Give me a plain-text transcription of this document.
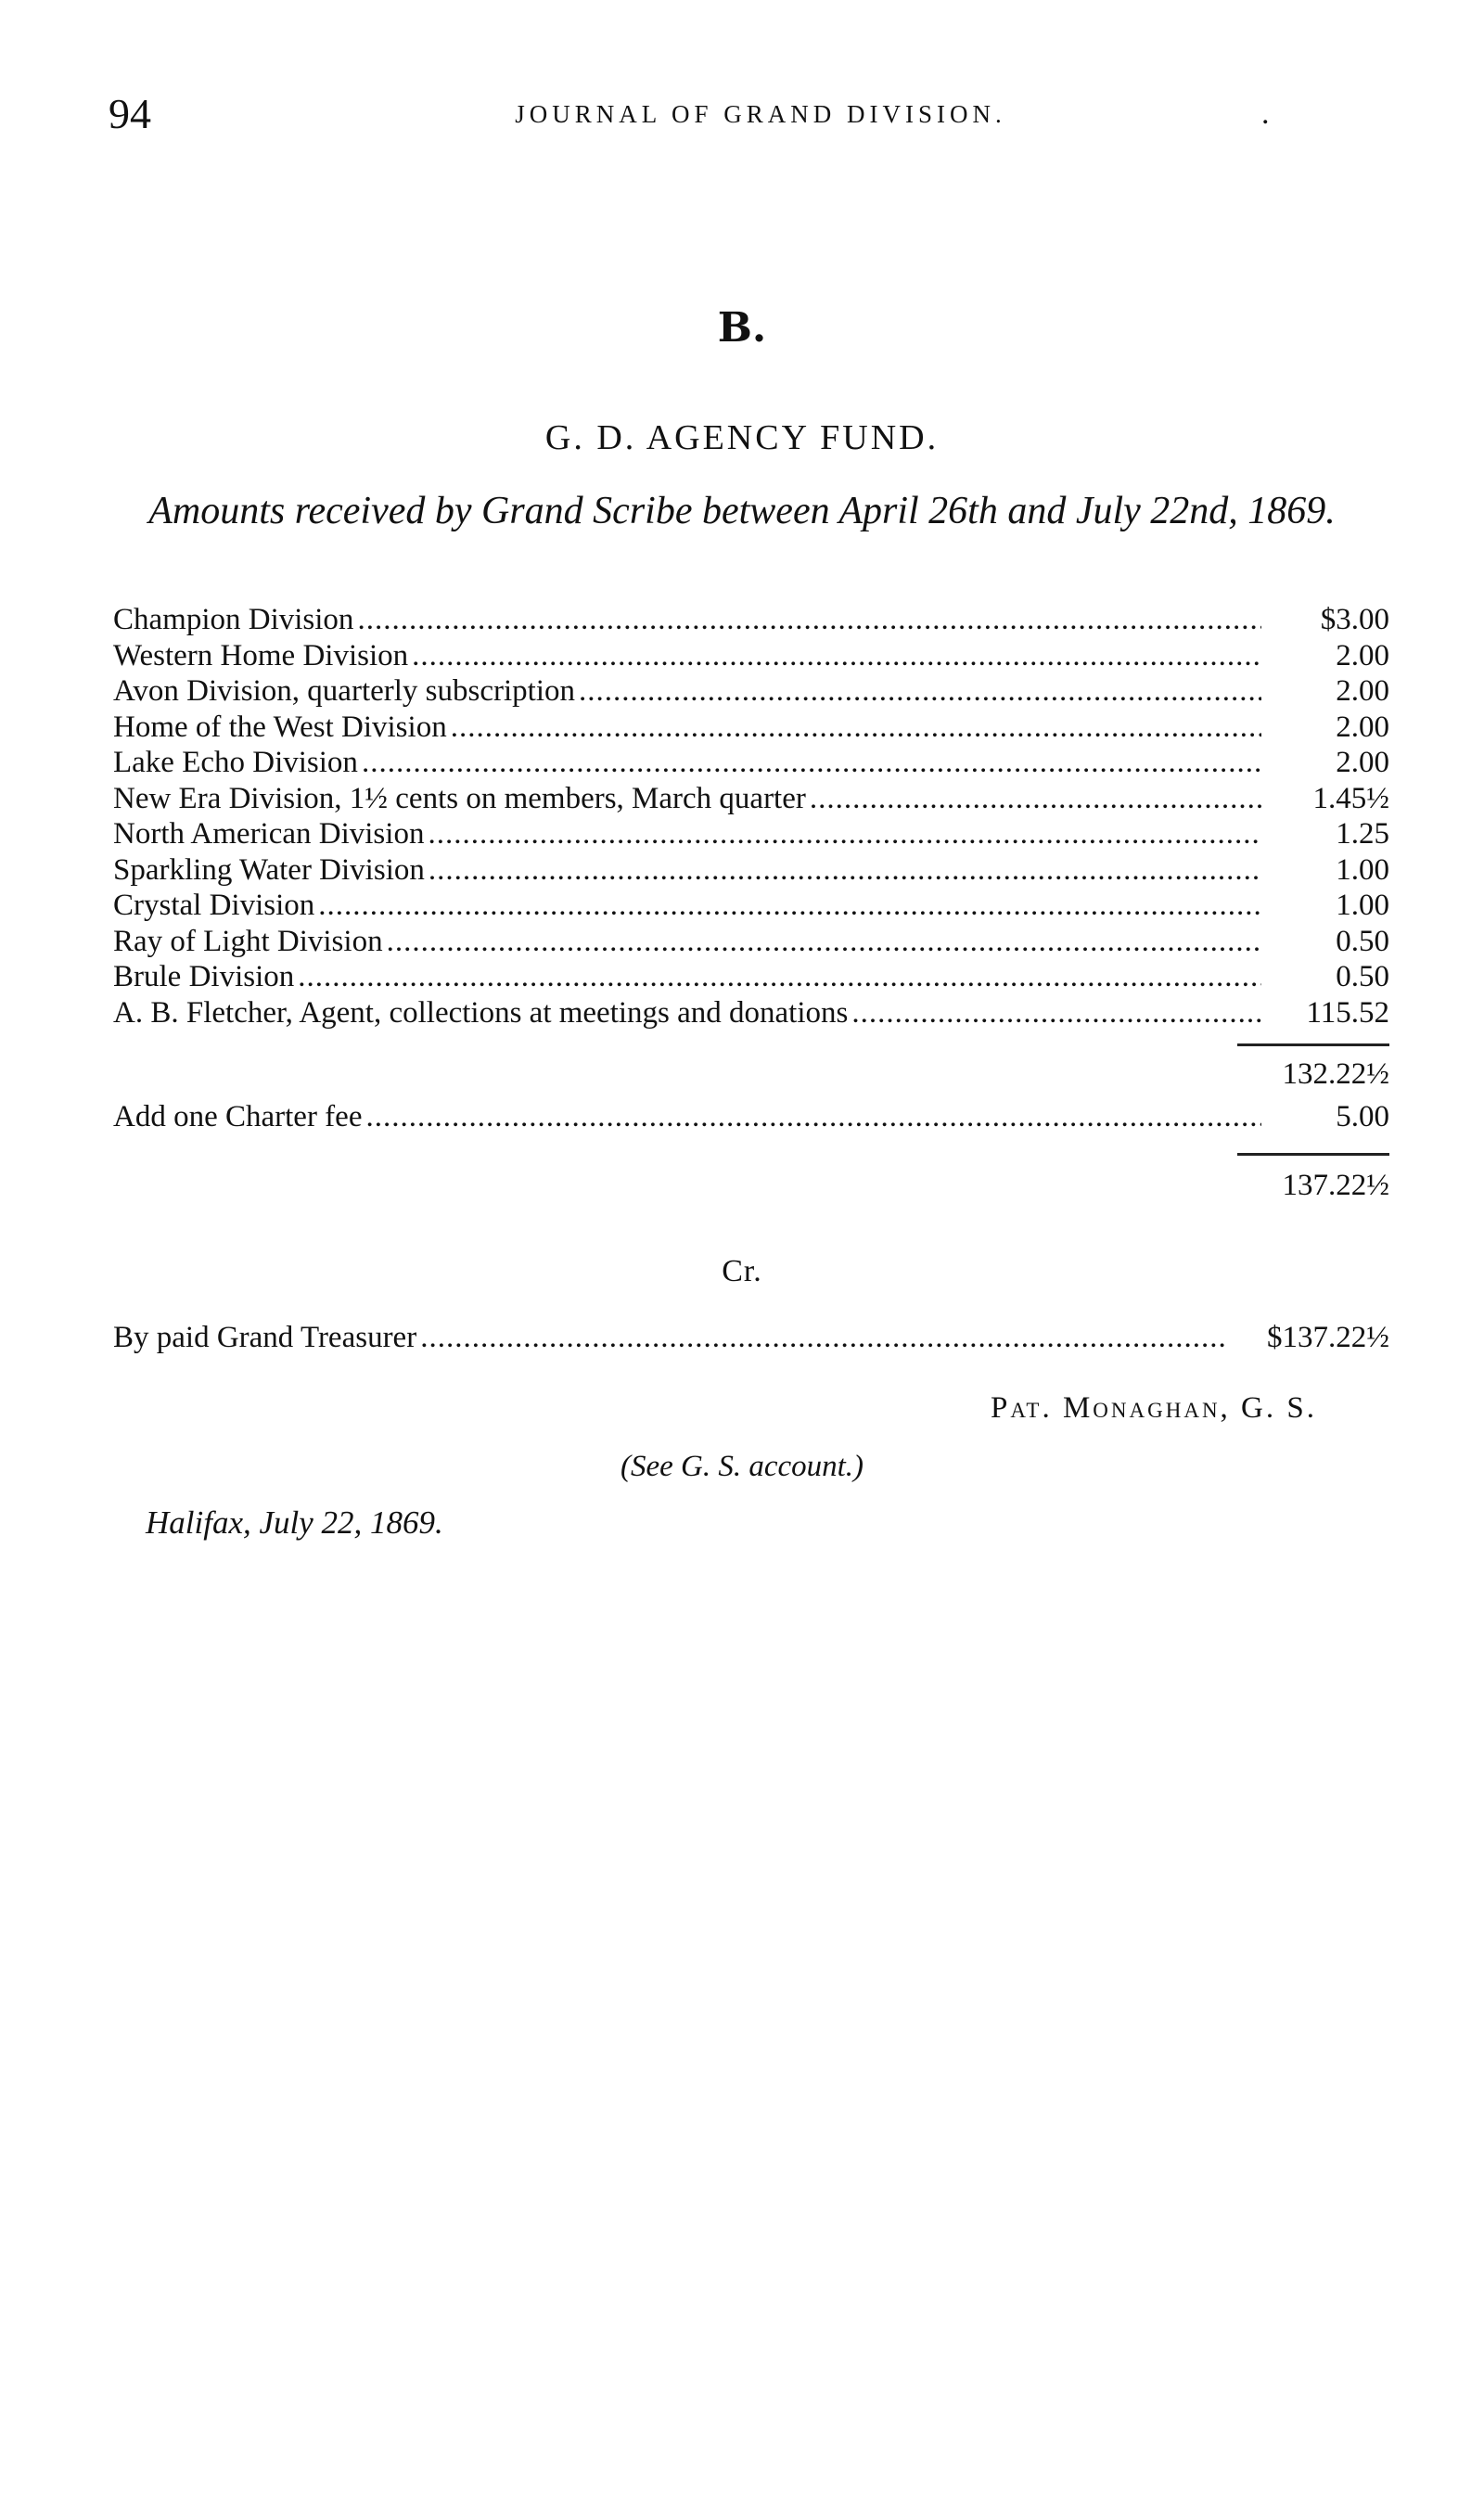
94	JOURNAL OF GRAND DIVISION.	.
B.
G. D. AGENCY FUND.
Amounts received by Grand Scribe between April 26th and July 22nd, 1869.
Champion Division .....	$3.00
Western Home Division .....	2.00
Avon Division, quarterly subscription .....	2.00
Home of the West Division .....	2.00
Lake Echo Division .....	2.00
New Era Division, 1½ cents on members, March quarter .....	1.45½
North American Division .....	1.25
Sparkling Water Division .....	1.00
Crystal Division .....	1.00
Ray of Light Division .....	0.50
Brule Division .....	0.50
A. B. Fletcher, Agent, collections at meetings and donations .....	115.52
132.22½
Add one Charter fee .....	5.00
137.22½
Cr.
By paid Grand Treasurer .....	$137.22½
Pat. Monaghan, G. S.
(See G. S. account.)
Halifax, July 22, 1869.
